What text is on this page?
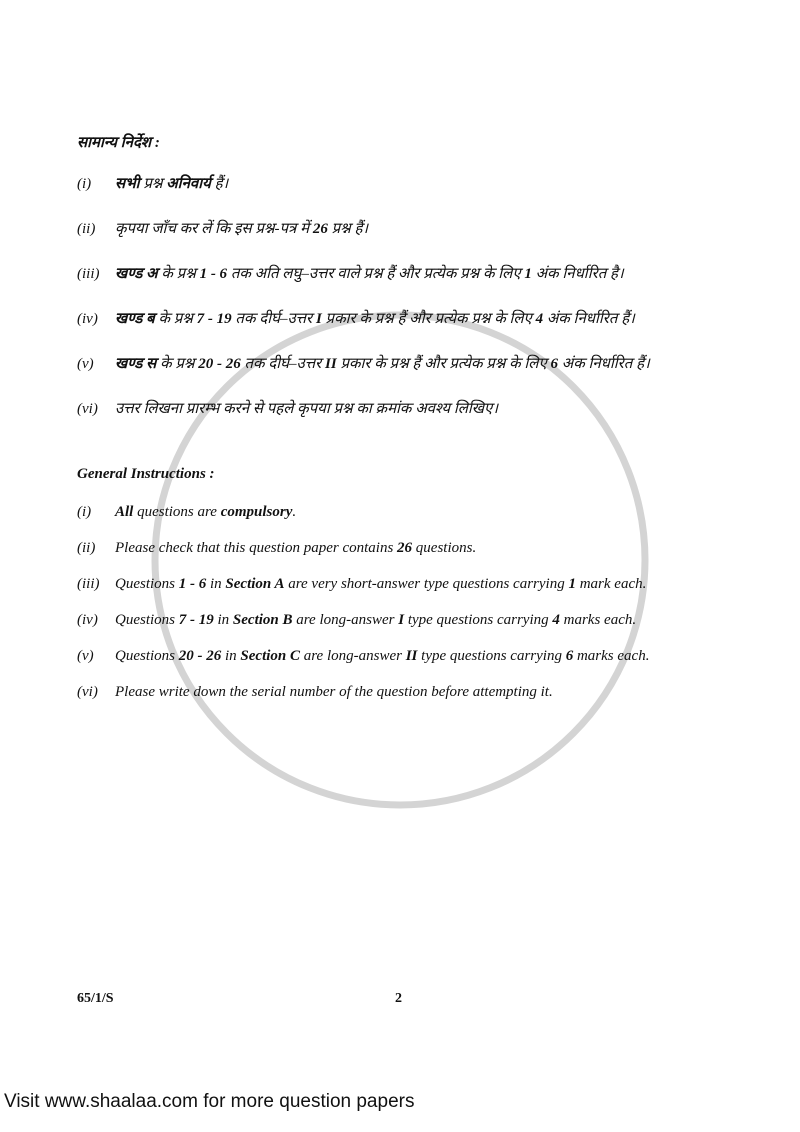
सामान्य निर्देश :
(i)	सभी प्रश्न अनिवार्य हैं।
(ii)	कृपया जाँच कर लें कि इस प्रश्न-पत्र में 26 प्रश्न हैं।
(iii)	खण्ड अ के प्रश्न 1 - 6 तक अति लघु–उत्तर वाले प्रश्न हैं और प्रत्येक प्रश्न के लिए 1 अंक निर्धारित है।
(iv)	खण्ड ब के प्रश्न 7 - 19 तक दीर्घ–उत्तर I प्रकार के प्रश्न हैं और प्रत्येक प्रश्न के लिए 4 अंक निर्धारित हैं।
(v)	खण्ड स के प्रश्न 20 - 26 तक दीर्घ–उत्तर II प्रकार के प्रश्न हैं और प्रत्येक प्रश्न के लिए 6 अंक निर्धारित हैं।
(vi)	उत्तर लिखना प्रारम्भ करने से पहले कृपया प्रश्न का क्रमांक अवश्य लिखिए।
General Instructions :
(i)	All questions are compulsory.
(ii)	Please check that this question paper contains 26 questions.
(iii)	Questions 1 - 6 in Section A are very short-answer type questions carrying 1 mark each.
(iv)	Questions 7 - 19 in Section B are long-answer I type questions carrying 4 marks each.
(v)	Questions 20 - 26 in Section C are long-answer II type questions carrying 6 marks each.
(vi)	Please write down the serial number of the question before attempting it.
65/1/S	2
Visit www.shaalaa.com for more question papers
